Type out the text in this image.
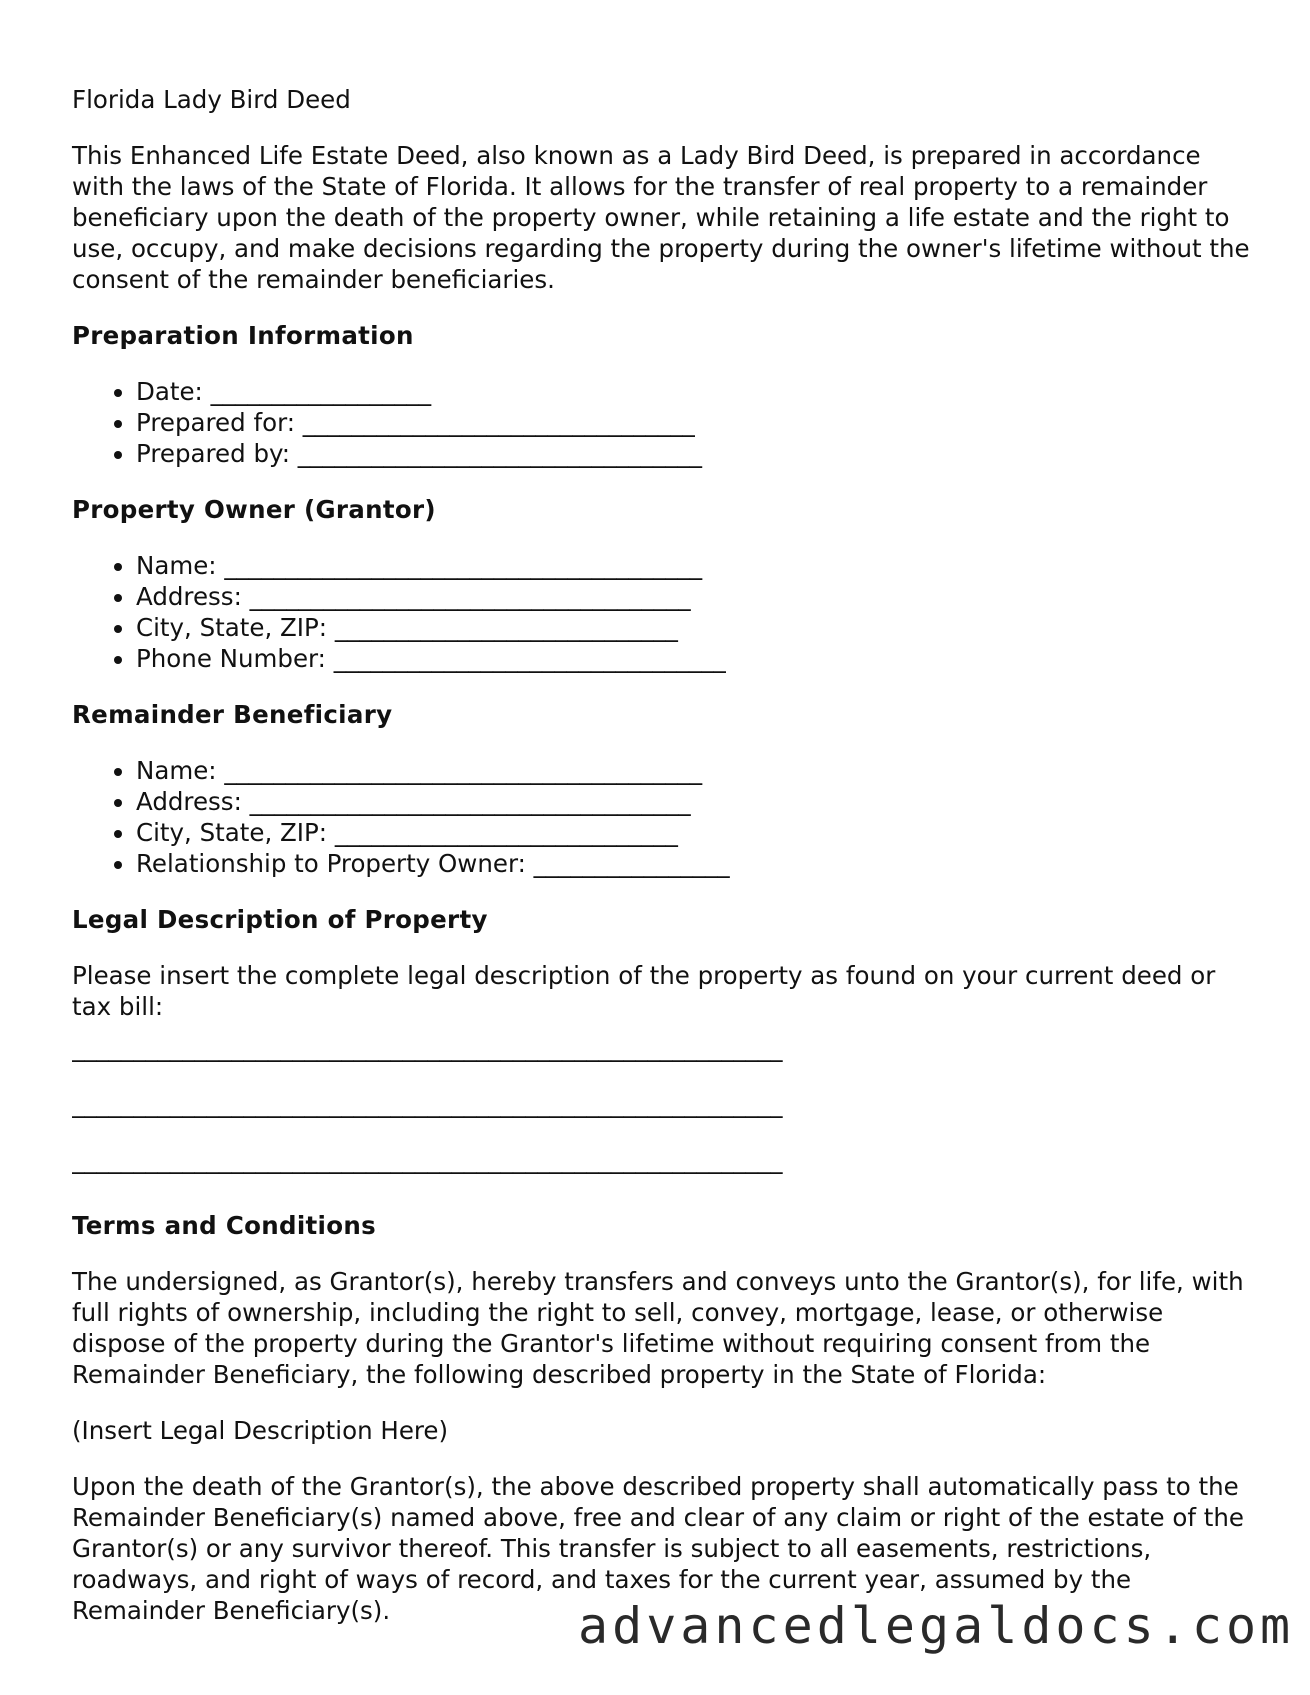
Florida Lady Bird Deed

This Enhanced Life Estate Deed, also known as a Lady Bird Deed, is prepared in accordance with the laws of the State of Florida. It allows for the transfer of real property to a remainder beneficiary upon the death of the property owner, while retaining a life estate and the right to use, occupy, and make decisions regarding the property during the owner's lifetime without the consent of the remainder beneficiaries.

Preparation Information
• Date: __________________
• Prepared for: ________________________________
• Prepared by: _________________________________
Property Owner (Grantor)
• Name: _______________________________________
• Address: ____________________________________
• City, State, ZIP: ____________________________
• Phone Number: ________________________________
Remainder Beneficiary
• Name: _______________________________________
• Address: ____________________________________
• City, State, ZIP: ____________________________
• Relationship to Property Owner: ________________
Legal Description of Property

Please insert the complete legal description of the property as found on your current deed or tax bill:

__________________________________________________________
__________________________________________________________
__________________________________________________________
Terms and Conditions

The undersigned, as Grantor(s), hereby transfers and conveys unto the Grantor(s), for life, with full rights of ownership, including the right to sell, convey, mortgage, lease, or otherwise dispose of the property during the Grantor's lifetime without requiring consent from the Remainder Beneficiary, the following described property in the State of Florida:

(Insert Legal Description Here)

Upon the death of the Grantor(s), the above described property shall automatically pass to the Remainder Beneficiary(s) named above, free and clear of any claim or right of the estate of the Grantor(s) or any survivor thereof. This transfer is subject to all easements, restrictions, roadways, and right of ways of record, and taxes for the current year, assumed by the Remainder Beneficiary(s).	advancedlegaldocs.com
